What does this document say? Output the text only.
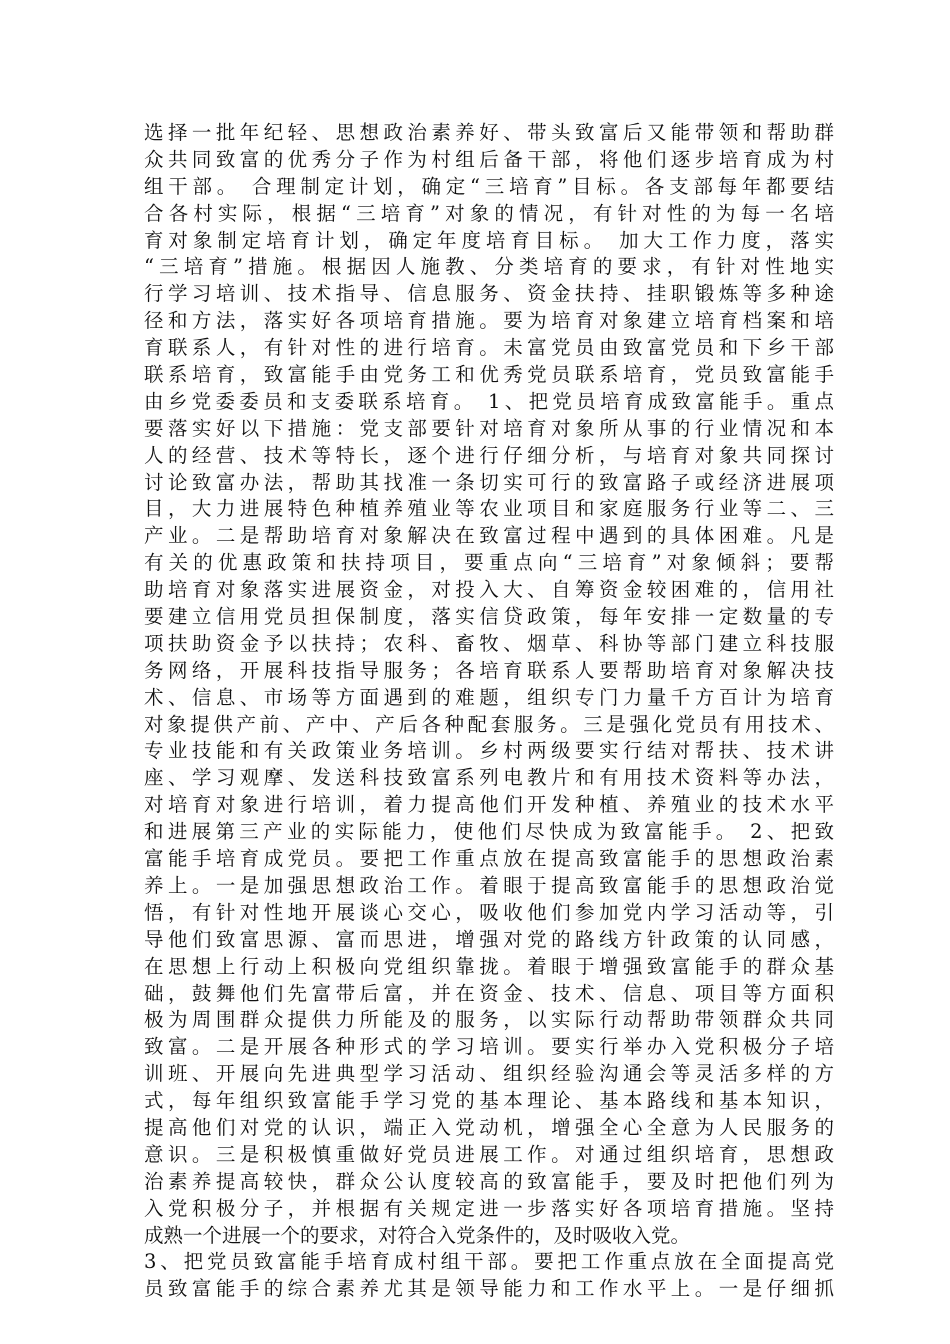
选择一批年纪轻、思想政治素养好、带头致富后又能带领和帮助群
众共同致富的优秀分子作为村组后备干部，将他们逐步培育成为村
组干部。 合理制定计划，确定“三培育”目标。各支部每年都要结
合各村实际，根据“三培育”对象的情况，有针对性的为每一名培
育对象制定培育计划，确定年度培育目标。 加大工作力度，落实
“三培育”措施。根据因人施教、分类培育的要求，有针对性地实
行学习培训、技术指导、信息服务、资金扶持、挂职锻炼等多种途
径和方法，落实好各项培育措施。要为培育对象建立培育档案和培
育联系人，有针对性的进行培育。未富党员由致富党员和下乡干部
联系培育，致富能手由党务工和优秀党员联系培育，党员致富能手
由乡党委委员和支委联系培育。 1、把党员培育成致富能手。重点
要落实好以下措施：党支部要针对培育对象所从事的行业情况和本
人的经营、技术等特长，逐个进行仔细分析，与培育对象共同探讨
讨论致富办法，帮助其找准一条切实可行的致富路子或经济进展项
目，大力进展特色种植养殖业等农业项目和家庭服务行业等二、三
产业。二是帮助培育对象解决在致富过程中遇到的具体困难。凡是
有关的优惠政策和扶持项目，要重点向“三培育”对象倾斜；要帮
助培育对象落实进展资金，对投入大、自筹资金较困难的，信用社
要建立信用党员担保制度，落实信贷政策，每年安排一定数量的专
项扶助资金予以扶持；农科、畜牧、烟草、科协等部门建立科技服
务网络，开展科技指导服务；各培育联系人要帮助培育对象解决技
术、信息、市场等方面遇到的难题，组织专门力量千方百计为培育
对象提供产前、产中、产后各种配套服务。三是强化党员有用技术、
专业技能和有关政策业务培训。乡村两级要实行结对帮扶、技术讲
座、学习观摩、发送科技致富系列电教片和有用技术资料等办法，
对培育对象进行培训，着力提高他们开发种植、养殖业的技术水平
和进展第三产业的实际能力，使他们尽快成为致富能手。 2、把致
富能手培育成党员。要把工作重点放在提高致富能手的思想政治素
养上。一是加强思想政治工作。着眼于提高致富能手的思想政治觉
悟，有针对性地开展谈心交心，吸收他们参加党内学习活动等，引
导他们致富思源、富而思进，增强对党的路线方针政策的认同感，
在思想上行动上积极向党组织靠拢。着眼于增强致富能手的群众基
础，鼓舞他们先富带后富，并在资金、技术、信息、项目等方面积
极为周围群众提供力所能及的服务，以实际行动帮助带领群众共同
致富。二是开展各种形式的学习培训。要实行举办入党积极分子培
训班、开展向先进典型学习活动、组织经验沟通会等灵活多样的方
式，每年组织致富能手学习党的基本理论、基本路线和基本知识，
提高他们对党的认识，端正入党动机，增强全心全意为人民服务的
意识。三是积极慎重做好党员进展工作。对通过组织培育，思想政
治素养提高较快，群众公认度较高的致富能手，要及时把他们列为
入党积极分子，并根据有关规定进一步落实好各项培育措施。坚持
成熟一个进展一个的要求，对符合入党条件的，及时吸收入党。
3、把党员致富能手培育成村组干部。要把工作重点放在全面提高党
员致富能手的综合素养尤其是领导能力和工作水平上。一是仔细抓
